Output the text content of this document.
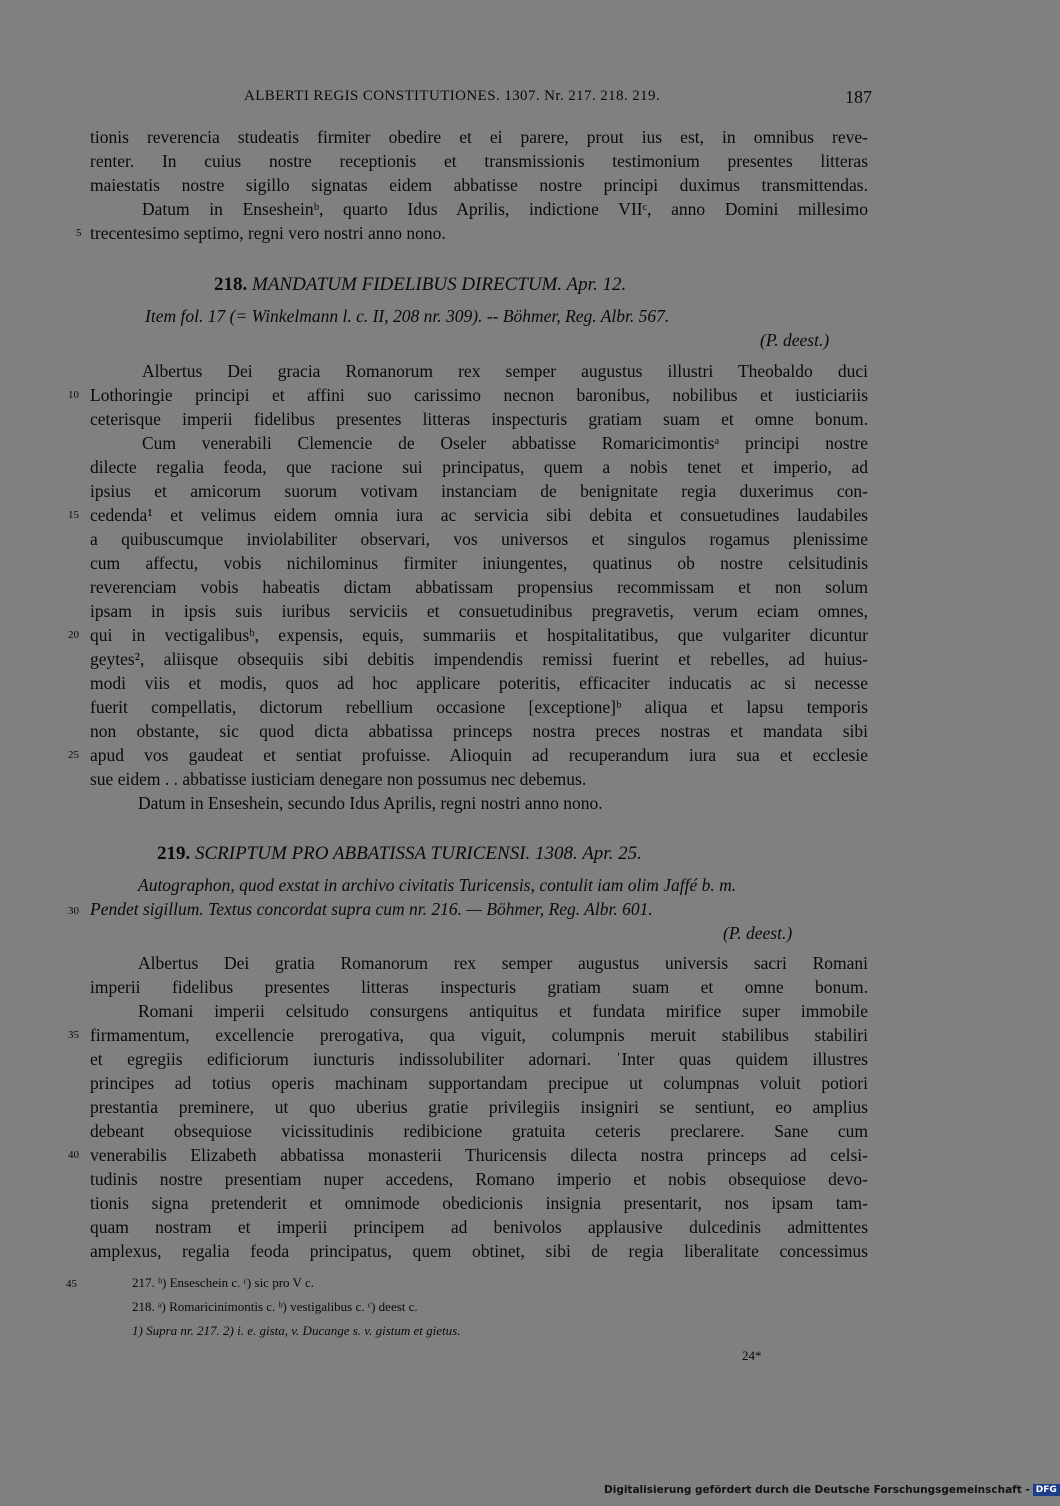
ALBERTI REGIS CONSTITUTIONES. 1307. Nr. 217. 218. 219.	187
tionis reverencia studeatis firmiter obedire et ei parere, prout ius est, in omnibus reve-
renter. In cuius nostre receptionis et transmissionis testimonium presentes litteras
maiestatis nostre sigillo signatas eidem abbatisse nostre principi duximus transmittendas.
Datum in Ensesheinᵇ, quarto Idus Aprilis, indictione VIIᶜ, anno Domini millesimo
5 trecentesimo septimo, regni vero nostri anno nono.
218. MANDATUM FIDELIBUS DIRECTUM. Apr. 12.
Item fol. 17 (= Winkelmann l. c. II, 208 nr. 309). -- Böhmer, Reg. Albr. 567.
(P. deest.)
Albertus Dei gracia Romanorum rex semper augustus illustri Theobaldo duci
10 Lothoringie principi et affini suo carissimo necnon baronibus, nobilibus et iusticiariis
ceterisque imperii fidelibus presentes litteras inspecturis gratiam suam et omne bonum.
Cum venerabili Clemencie de Oseler abbatisse Romaricimontisᵃ principi nostre
dilecte regalia feoda, que racione sui principatus, quem a nobis tenet et imperio, ad
ipsius et amicorum suorum votivam instanciam de benignitate regia duxerimus con-
15 cedenda¹ et velimus eidem omnia iura ac servicia sibi debita et consuetudines laudabiles
a quibuscumque inviolabiliter observari, vos universos et singulos rogamus plenissime
cum affectu, vobis nichilominus firmiter iniungentes, quatinus ob nostre celsitudinis
reverenciam vobis habeatis dictam abbatissam propensius recommissam et non solum
ipsam in ipsis suis iuribus serviciis et consuetudinibus pregravetis, verum eciam omnes,
20 qui in vectigalibusᵇ, expensis, equis, summariis et hospitalitatibus, que vulgariter dicuntur
geytes², aliisque obsequiis sibi debitis impendendis remissi fuerint et rebelles, ad huius-
modi viis et modis, quos ad hoc applicare poteritis, efficaciter inducatis ac si necesse
fuerit compellatis, dictorum rebellium occasione [exceptione]ᵇ aliqua et lapsu temporis
non obstante, sic quod dicta abbatissa princeps nostra preces nostras et mandata sibi
25 apud vos gaudeat et sentiat profuisse. Alioquin ad recuperandum iura sua et ecclesie
sue eidem . . abbatisse iusticiam denegare non possumus nec debemus.
Datum in Enseshein, secundo Idus Aprilis, regni nostri anno nono.
219. SCRIPTUM PRO ABBATISSA TURICENSI. 1308. Apr. 25.
Autographon, quod exstat in archivo civitatis Turicensis, contulit iam olim Jaffé b. m.
30 Pendet sigillum. Textus concordat supra cum nr. 216. — Böhmer, Reg. Albr. 601.
(P. deest.)
Albertus Dei gratia Romanorum rex semper augustus universis sacri Romani
imperii fidelibus presentes litteras inspecturis gratiam suam et omne bonum.
Romani imperii celsitudo consurgens antiquitus et fundata mirifice super immobile
35 firmamentum, excellencie prerogativa, qua viguit, columpnis meruit stabilibus stabiliri
et egregiis edificiorum iuncturis indissolubiliter adornari. ˈInter quas quidem illustres
principes ad totius operis machinam supportandam precipue ut columpnas voluit potiori
prestantia preminere, ut quo uberius gratie privilegiis insigniri se sentiunt, eo amplius
debeant obsequiose vicissitudinis redibicione gratuita ceteris preclarere. Sane cum
40 venerabilis Elizabeth abbatissa monasterii Thuricensis dilecta nostra princeps ad celsi-
tudinis nostre presentiam nuper accedens, Romano imperio et nobis obsequiose devo-
tionis signa pretenderit et omnimode obedicionis insignia presentarit, nos ipsam tam-
quam nostram et imperii principem ad benivolos applausive dulcedinis admittentes
amplexus, regalia feoda principatus, quem obtinet, sibi de regia liberalitate concessimus
45	217. ᵇ) Enseschein c. ᶜ) sic pro V c.
218. ᵃ) Romaricinimontis c. ᵇ) vestigalibus c. ᶜ) deest c.
1) Supra nr. 217. 2) i. e. gista, v. Ducange s. v. gistum et gietus.
24*
Digitalisierung gefördert durch die Deutsche Forschungsgemeinschaft - DFG
